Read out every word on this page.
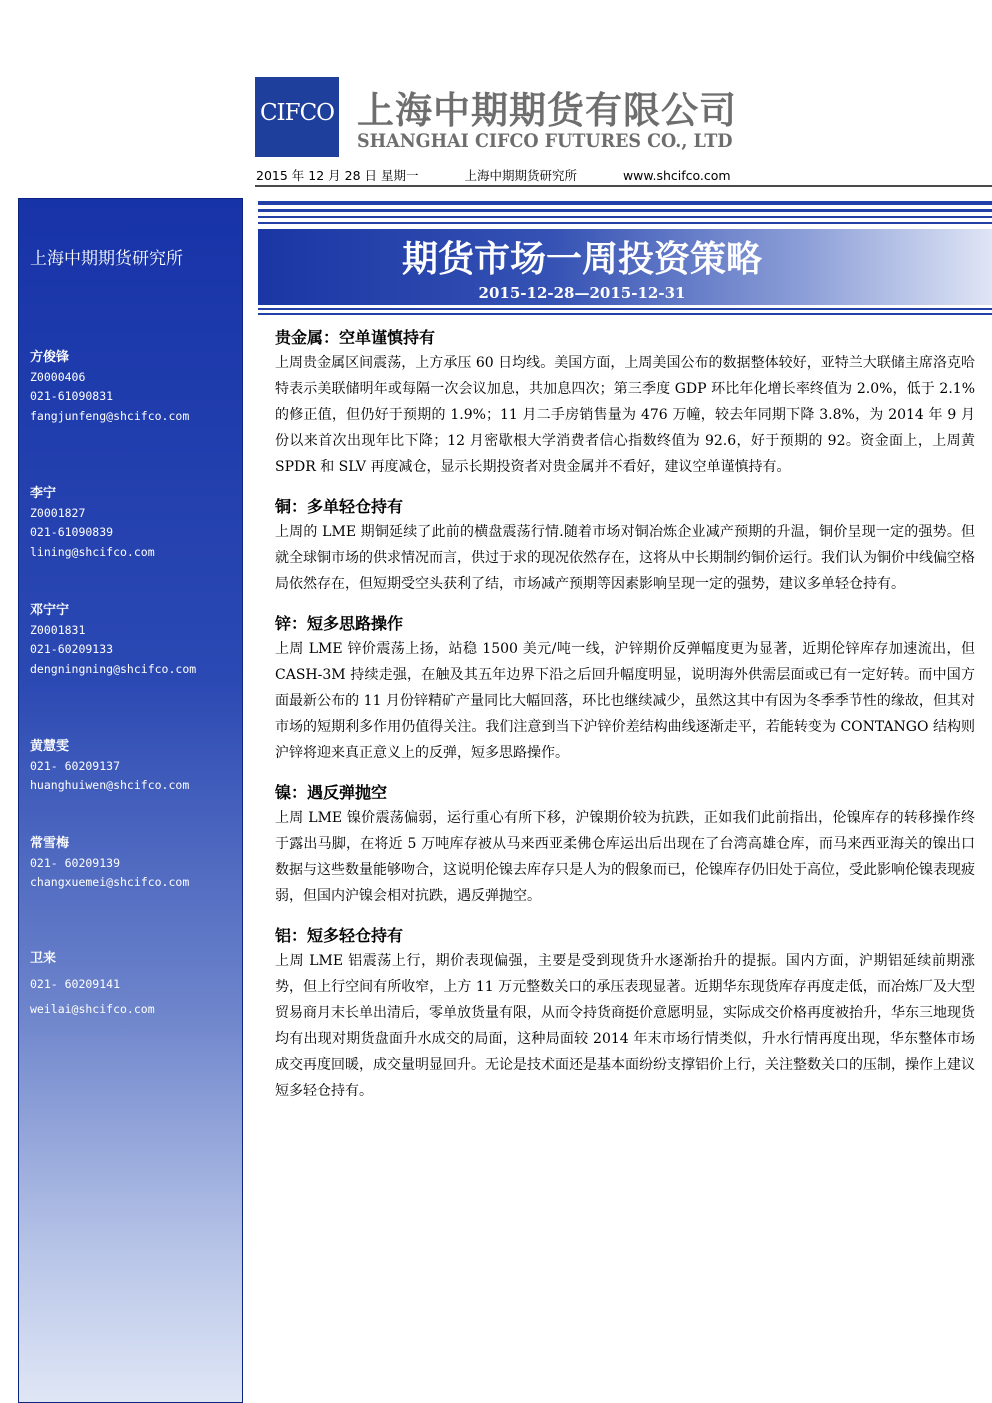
CIFCO 上海中期期货有限公司
SHANGHAI CIFCO FUTURES CO., LTD
2015 年 12 月 28 日 星期一	上海中期期货研究所	www.shcifco.com
上海中期期货研究所
方俊锋
Z0000406
021-61090831
fangjunfeng@shcifco.com
李宁
Z0001827
021-61090839
lining@shcifco.com
邓宁宁
Z0001831
021-60209133
dengningning@shcifco.com
黄慧雯
021- 60209137
huanghuiwen@shcifco.com
常雪梅
021- 60209139
changxuemei@shcifco.com
卫来
021- 60209141
weilai@shcifco.com
期货市场一周投资策略
2015-12-28—2015-12-31
贵金属：空单谨慎持有
上周贵金属区间震荡，上方承压 60 日均线。美国方面，上周美国公布的数据整体较好，亚特兰大联储主席洛克哈特表示美联储明年或每隔一次会议加息，共加息四次；第三季度 GDP 环比年化增长率终值为 2.0%，低于 2.1%的修正值，但仍好于预期的 1.9%；11 月二手房销售量为 476 万幢，较去年同期下降 3.8%，为 2014 年 9 月份以来首次出现年比下降；12 月密歇根大学消费者信心指数终值为 92.6，好于预期的 92。资金面上，上周黄 SPDR 和 SLV 再度减仓，显示长期投资者对贵金属并不看好，建议空单谨慎持有。
铜：多单轻仓持有
上周的 LME 期铜延续了此前的横盘震荡行情.随着市场对铜冶炼企业减产预期的升温，铜价呈现一定的强势。但就全球铜市场的供求情况而言，供过于求的现况依然存在，这将从中长期制约铜价运行。我们认为铜价中线偏空格局依然存在，但短期受空头获利了结，市场减产预期等因素影响呈现一定的强势，建议多单轻仓持有。
锌：短多思路操作
上周 LME 锌价震荡上扬，站稳 1500 美元/吨一线，沪锌期价反弹幅度更为显著，近期伦锌库存加速流出，但 CASH-3M 持续走强，在触及其五年边界下沿之后回升幅度明显，说明海外供需层面或已有一定好转。而中国方面最新公布的 11 月份锌精矿产量同比大幅回落，环比也继续减少，虽然这其中有因为冬季季节性的缘故，但其对市场的短期利多作用仍值得关注。我们注意到当下沪锌价差结构曲线逐渐走平，若能转变为 CONTANGO 结构则沪锌将迎来真正意义上的反弹，短多思路操作。
镍：遇反弹抛空
上周 LME 镍价震荡偏弱，运行重心有所下移，沪镍期价较为抗跌，正如我们此前指出，伦镍库存的转移操作终于露出马脚，在将近 5 万吨库存被从马来西亚柔佛仓库运出后出现在了台湾高雄仓库，而马来西亚海关的镍出口数据与这些数量能够吻合，这说明伦镍去库存只是人为的假象而已，伦镍库存仍旧处于高位，受此影响伦镍表现疲弱，但国内沪镍会相对抗跌，遇反弹抛空。
铝：短多轻仓持有
上周 LME 铝震荡上行，期价表现偏强，主要是受到现货升水逐渐抬升的提振。国内方面，沪期铝延续前期涨势，但上行空间有所收窄，上方 11 万元整数关口的承压表现显著。近期华东现货库存再度走低，而冶炼厂及大型贸易商月末长单出清后，零单放货量有限，从而令持货商挺价意愿明显，实际成交价格再度被抬升，华东三地现货均有出现对期货盘面升水成交的局面，这种局面较 2014 年末市场行情类似，升水行情再度出现，华东整体市场成交再度回暖，成交量明显回升。无论是技术面还是基本面纷纷支撑铝价上行，关注整数关口的压制，操作上建议短多轻仓持有。
